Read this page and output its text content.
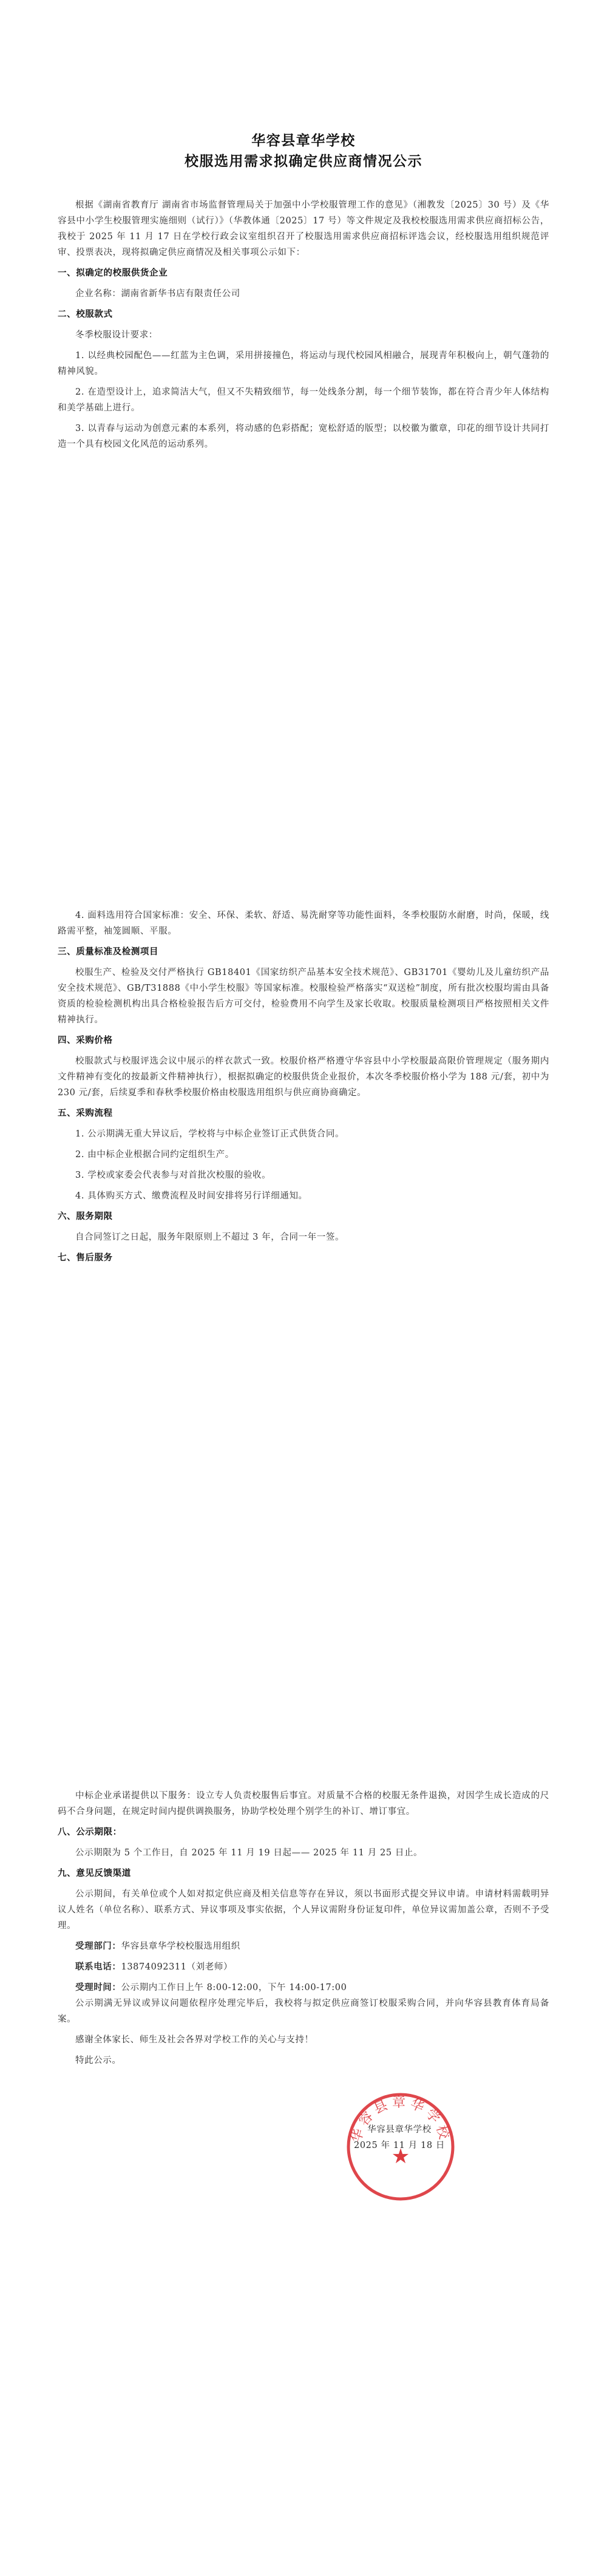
华容县章华学校
校服选用需求拟确定供应商情况公示

根据《湖南省教育厅 湖南省市场监督管理局关于加强中小学校服管理工作的意见》（湘教发〔2025〕30 号）及《华容县中小学生校服管理实施细则（试行）》（华教体通〔2025〕17 号）等文件规定及我校校服选用需求供应商招标公告，我校于 2025 年 11 月 17 日在学校行政会议室组织召开了校服选用需求供应商招标评选会议，经校服选用组织规范评审、投票表决，现将拟确定供应商情况及相关事项公示如下：

一、拟确定的校服供货企业

企业名称：湖南省新华书店有限责任公司

二、校服款式

冬季校服设计要求：

1. 以经典校园配色——红蓝为主色调，采用拼接撞色，将运动与现代校园风相融合，展现青年积极向上，朝气蓬勃的精神风貌。

2. 在造型设计上，追求简洁大气，但又不失精致细节，每一处线条分割，每一个细节装饰，都在符合青少年人体结构和美学基础上进行。

3. 以青春与运动为创意元素的本系列，将动感的色彩搭配；宽松舒适的版型；以校徽为徽章，印花的细节设计共同打造一个具有校园文化风范的运动系列。

4. 面料选用符合国家标准：安全、环保、柔软、舒适、易洗耐穿等功能性面料，冬季校服防水耐磨，时尚，保暖，线路需平整，袖笼圆顺、平服。

三、质量标准及检测项目

校服生产、检验及交付严格执行 GB18401《国家纺织产品基本安全技术规范》、GB31701《婴幼儿及儿童纺织产品安全技术规范》、GB/T31888《中小学生校服》等国家标准。校服检验严格落实“双送检”制度，所有批次校服均需由具备资质的检验检测机构出具合格检验报告后方可交付，检验费用不向学生及家长收取。校服质量检测项目严格按照相关文件精神执行。

四、采购价格

校服款式与校服评选会议中展示的样衣款式一致。校服价格严格遵守华容县中小学校服最高限价管理规定（服务期内文件精神有变化的按最新文件精神执行），根据拟确定的校服供货企业报价，本次冬季校服价格小学为 188 元/套，初中为 230 元/套，后续夏季和春秋季校服价格由校服选用组织与供应商协商确定。

五、采购流程

1. 公示期满无重大异议后，学校将与中标企业签订正式供货合同。

2. 由中标企业根据合同约定组织生产。

3. 学校或家委会代表参与对首批次校服的验收。

4. 具体购买方式、缴费流程及时间安排将另行详细通知。

六、服务期限

自合同签订之日起，服务年限原则上不超过 3 年，合同一年一签。

七、售后服务

中标企业承诺提供以下服务：设立专人负责校服售后事宜。对质量不合格的校服无条件退换，对因学生成长造成的尺码不合身问题，在规定时间内提供调换服务，协助学校处理个别学生的补订、增订事宜。

八、公示期限：

公示期限为 5 个工作日，自 2025 年 11 月 19 日起—— 2025 年 11 月 25 日止。

九、意见反馈渠道

公示期间，有关单位或个人如对拟定供应商及相关信息等存在异议，须以书面形式提交异议申请。申请材料需载明异议人姓名（单位名称）、联系方式、异议事项及事实依据，个人异议需附身份证复印件，单位异议需加盖公章，否则不予受理。

受理部门：华容县章华学校校服选用组织

联系电话：13874092311（刘老师）

受理时间：公示期内工作日上午 8:00-12:00，下午 14:00-17:00

公示期满无异议或异议问题依程序处理完毕后，我校将与拟定供应商签订校服采购合同，并向华容县教育体育局备案。

感谢全体家长、师生及社会各界对学校工作的关心与支持！

特此公示。

华容县章华学校
★
华容县章华学校
2025 年 11 月 18 日
